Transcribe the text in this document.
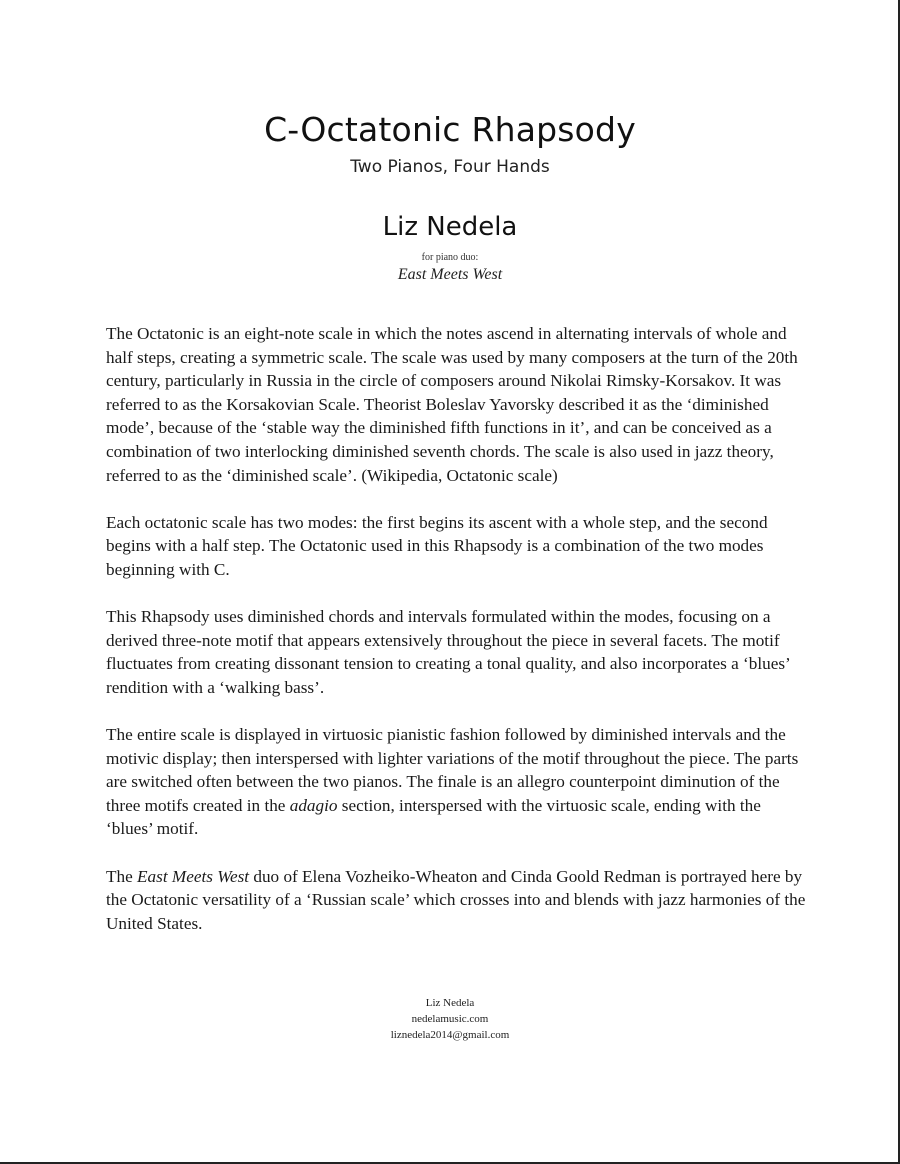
C-Octatonic Rhapsody
Two Pianos, Four Hands
Liz Nedela
for piano duo:
East Meets West

The Octatonic is an eight-note scale in which the notes ascend in alternating intervals of whole and half steps, creating a symmetric scale. The scale was used by many composers at the turn of the 20th century, particularly in Russia in the circle of composers around Nikolai Rimsky-Korsakov. It was referred to as the Korsakovian Scale. Theorist Boleslav Yavorsky described it as the ‘diminished mode’, because of the ‘stable way the diminished fifth functions in it’, and can be conceived as a combination of two interlocking diminished seventh chords. The scale is also used in jazz theory, referred to as the ‘diminished scale’. (Wikipedia, Octatonic scale)

Each octatonic scale has two modes: the first begins its ascent with a whole step, and the second begins with a half step. The Octatonic used in this Rhapsody is a combination of the two modes beginning with C.

This Rhapsody uses diminished chords and intervals formulated within the modes, focusing on a derived three-note motif that appears extensively throughout the piece in several facets. The motif fluctuates from creating dissonant tension to creating a tonal quality, and also incorporates a ‘blues’ rendition with a ‘walking bass’.

The entire scale is displayed in virtuosic pianistic fashion followed by diminished intervals and the motivic display; then interspersed with lighter variations of the motif throughout the piece. The parts are switched often between the two pianos. The finale is an allegro counterpoint diminution of the three motifs created in the adagio section, interspersed with the virtuosic scale, ending with the ‘blues’ motif.

The East Meets West duo of Elena Vozheiko-Wheaton and Cinda Goold Redman is portrayed here by the Octatonic versatility of a ‘Russian scale’ which crosses into and blends with jazz harmonies of the United States.

Liz Nedela
nedelamusic.com
liznedela2014@gmail.com
